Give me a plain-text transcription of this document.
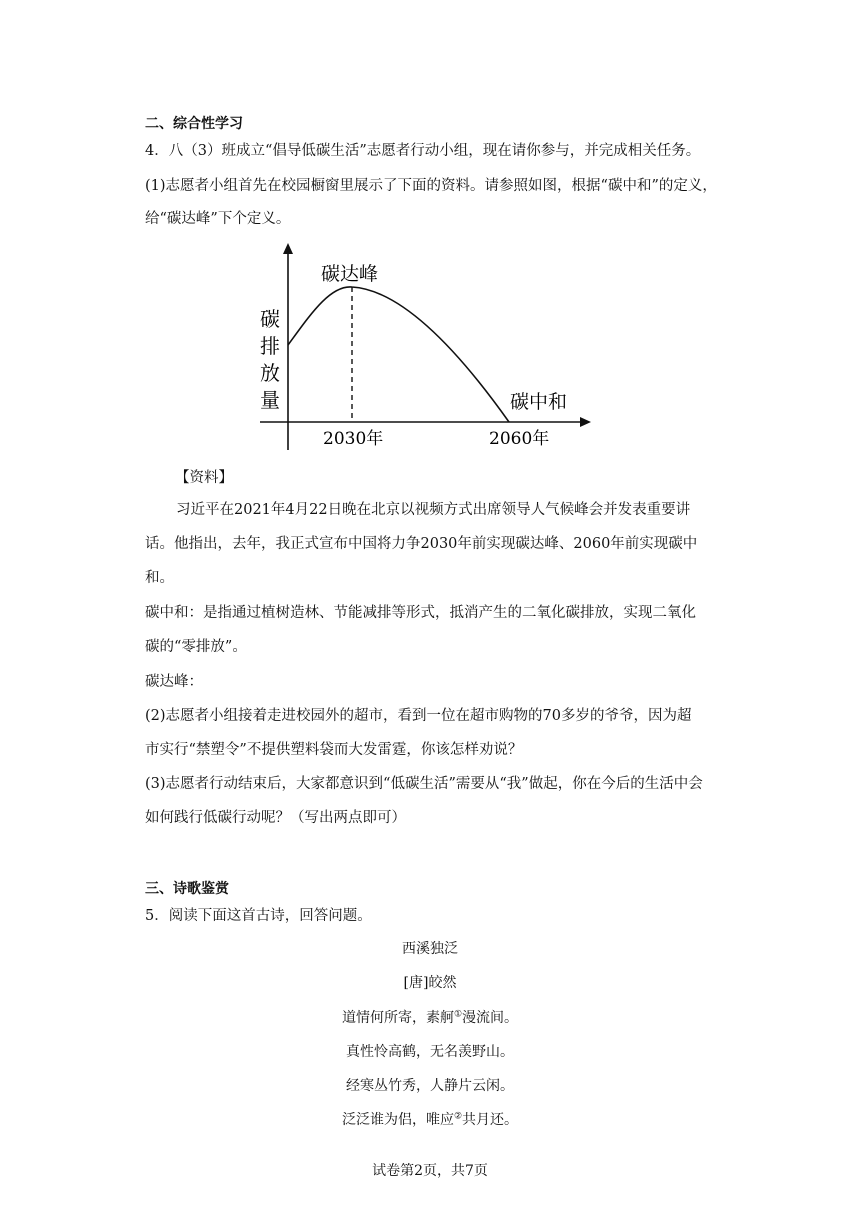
二、综合性学习
4．八（3）班成立“倡导低碳生活”志愿者行动小组，现在请你参与，并完成相关任务。
(1)志愿者小组首先在校园橱窗里展示了下面的资料。请参照如图，根据“碳中和”的定义，
给“碳达峰”下个定义。
碳达峰
碳中和
2030年	2060年
碳 排 放 量
【资料】
习近平在2021年4月22日晚在北京以视频方式出席领导人气候峰会并发表重要讲
话。他指出，去年，我正式宣布中国将力争2030年前实现碳达峰、2060年前实现碳中
和。
碳中和：是指通过植树造林、节能减排等形式，抵消产生的二氧化碳排放，实现二氧化
碳的“零排放”。
碳达峰：
(2)志愿者小组接着走进校园外的超市，看到一位在超市购物的70多岁的爷爷，因为超
市实行“禁塑令”不提供塑料袋而大发雷霆，你该怎样劝说？
(3)志愿者行动结束后，大家都意识到“低碳生活”需要从“我”做起，你在今后的生活中会
如何践行低碳行动呢？（写出两点即可）
三、诗歌鉴赏
5．阅读下面这首古诗，回答问题。
西溪独泛
[唐]皎然
道情何所寄，素舸①漫流间。
真性怜高鹤，无名羡野山。
经寒丛竹秀，人静片云闲。
泛泛谁为侣，唯应②共月还。
试卷第2页，共7页
